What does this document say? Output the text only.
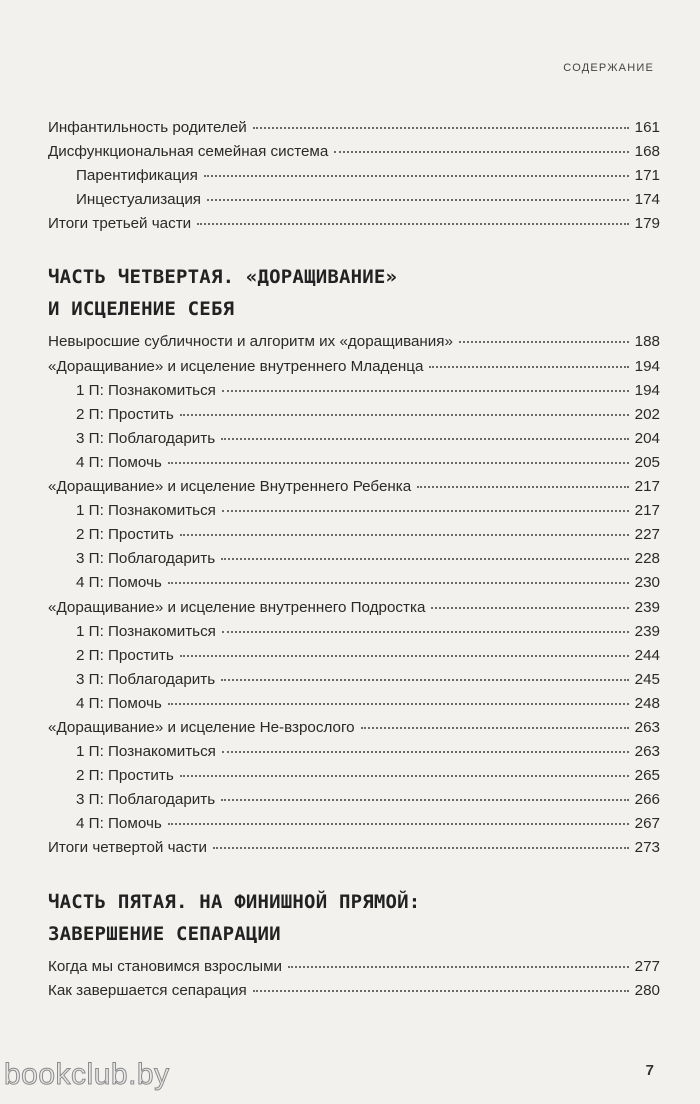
СОДЕРЖАНИЕ
Инфантильность родителей	161
Дисфункциональная семейная система	168
Парентификация	171
Инцестуализация	174
Итоги третьей части	179
ЧАСТЬ ЧЕТВЕРТАЯ. «ДОРАЩИВАНИЕ»
И ИСЦЕЛЕНИЕ СЕБЯ
Невыросшие субличности и алгоритм их «доращивания»	188
«Доращивание» и исцеление внутреннего Младенца	194
1 П: Познакомиться	194
2 П: Простить	202
3 П: Поблагодарить	204
4 П: Помочь	205
«Доращивание» и исцеление Внутреннего Ребенка	217
1 П: Познакомиться	217
2 П: Простить	227
3 П: Поблагодарить	228
4 П: Помочь	230
«Доращивание» и исцеление внутреннего Подростка	239
1 П: Познакомиться	239
2 П: Простить	244
3 П: Поблагодарить	245
4 П: Помочь	248
«Доращивание» и исцеление Не-взрослого	263
1 П: Познакомиться	263
2 П: Простить	265
3 П: Поблагодарить	266
4 П: Помочь	267
Итоги четвертой части	273
ЧАСТЬ ПЯТАЯ. НА ФИНИШНОЙ ПРЯМОЙ:
ЗАВЕРШЕНИЕ СЕПАРАЦИИ
Когда мы становимся взрослыми	277
Как завершается сепарация	280
bookclub.by	7
